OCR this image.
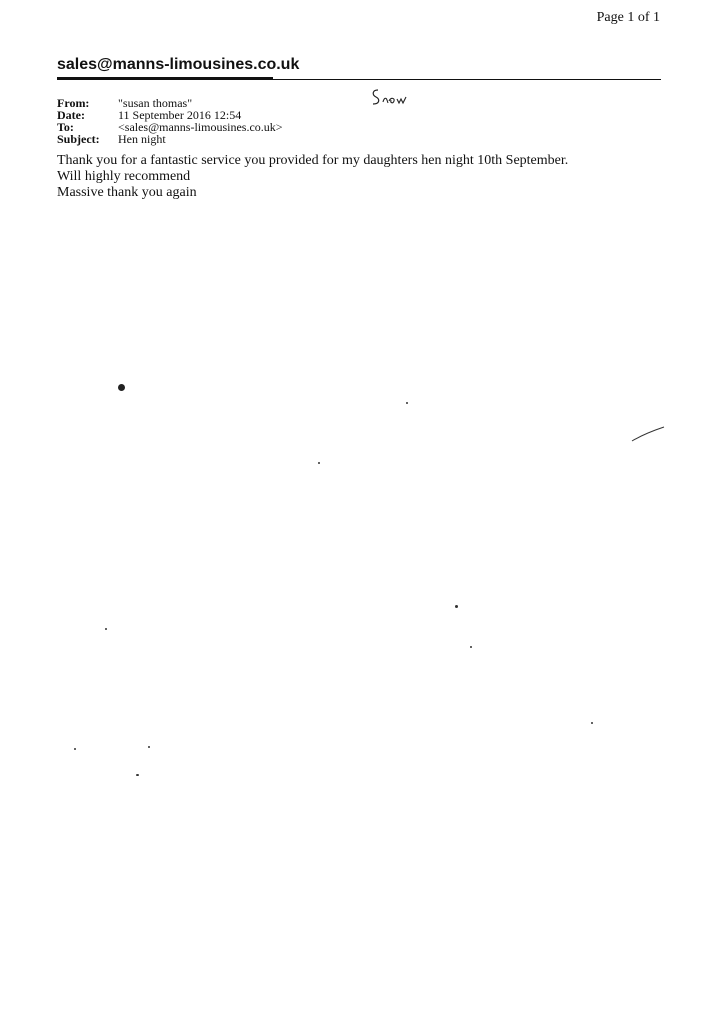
Page 1 of 1
sales@manns-limousines.co.uk
From:	"susan thomas"
Date:	11 September 2016 12:54
To:	<sales@manns-limousines.co.uk>
Subject:	Hen night
Thank you for a fantastic service you provided for my daughters hen night 10th September.
Will highly recommend
Massive thank you again
